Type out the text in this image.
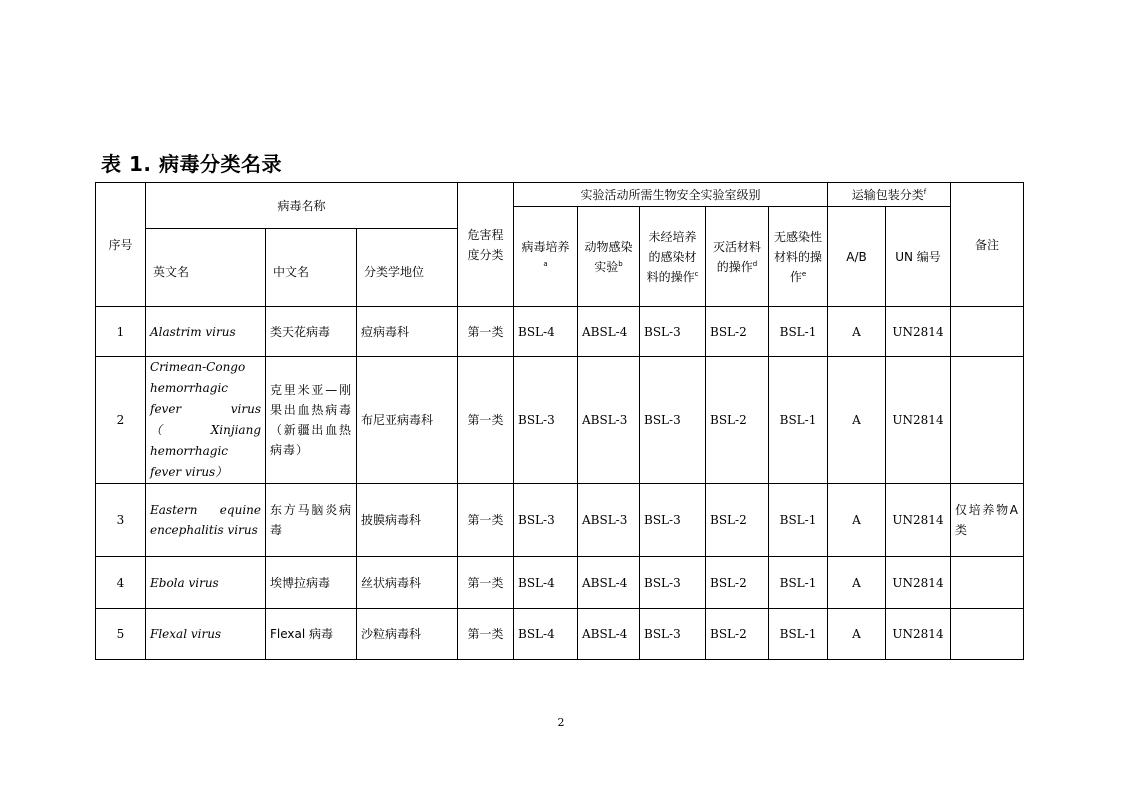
表 1. 病毒分类名录
序号	病毒名称			危害程度分类	实验活动所需生物安全实验室级别					运输包装分类$^f$		备注
					病毒培养$^a$	动物感染实验$^b$	未经培养的感染材料的操作$^c$	灭活材料的操作$^d$	无感染性材料的操作$^e$	A/B	UN 编号	
	英文名	中文名	分类学地位									
1	Alastrim virus	类天花病毒	痘病毒科	第一类	BSL-4	ABSL-4	BSL-3	BSL-2	BSL-1	A	UN2814	
2	Crimean-Congo hemorrhagic fever virus （Xinjiang hemorrhagic fever virus）	克里米亚—刚果出血热病毒（新疆出血热病毒）	布尼亚病毒科	第一类	BSL-3	ABSL-3	BSL-3	BSL-2	BSL-1	A	UN2814	
3	Eastern equine encephalitis virus	东方马脑炎病毒	披膜病毒科	第一类	BSL-3	ABSL-3	BSL-3	BSL-2	BSL-1	A	UN2814	仅培养物A类
4	Ebola virus	埃博拉病毒	丝状病毒科	第一类	BSL-4	ABSL-4	BSL-3	BSL-2	BSL-1	A	UN2814	
5	Flexal virus	Flexal 病毒	沙粒病毒科	第一类	BSL-4	ABSL-4	BSL-3	BSL-2	BSL-1	A	UN2814	
2
